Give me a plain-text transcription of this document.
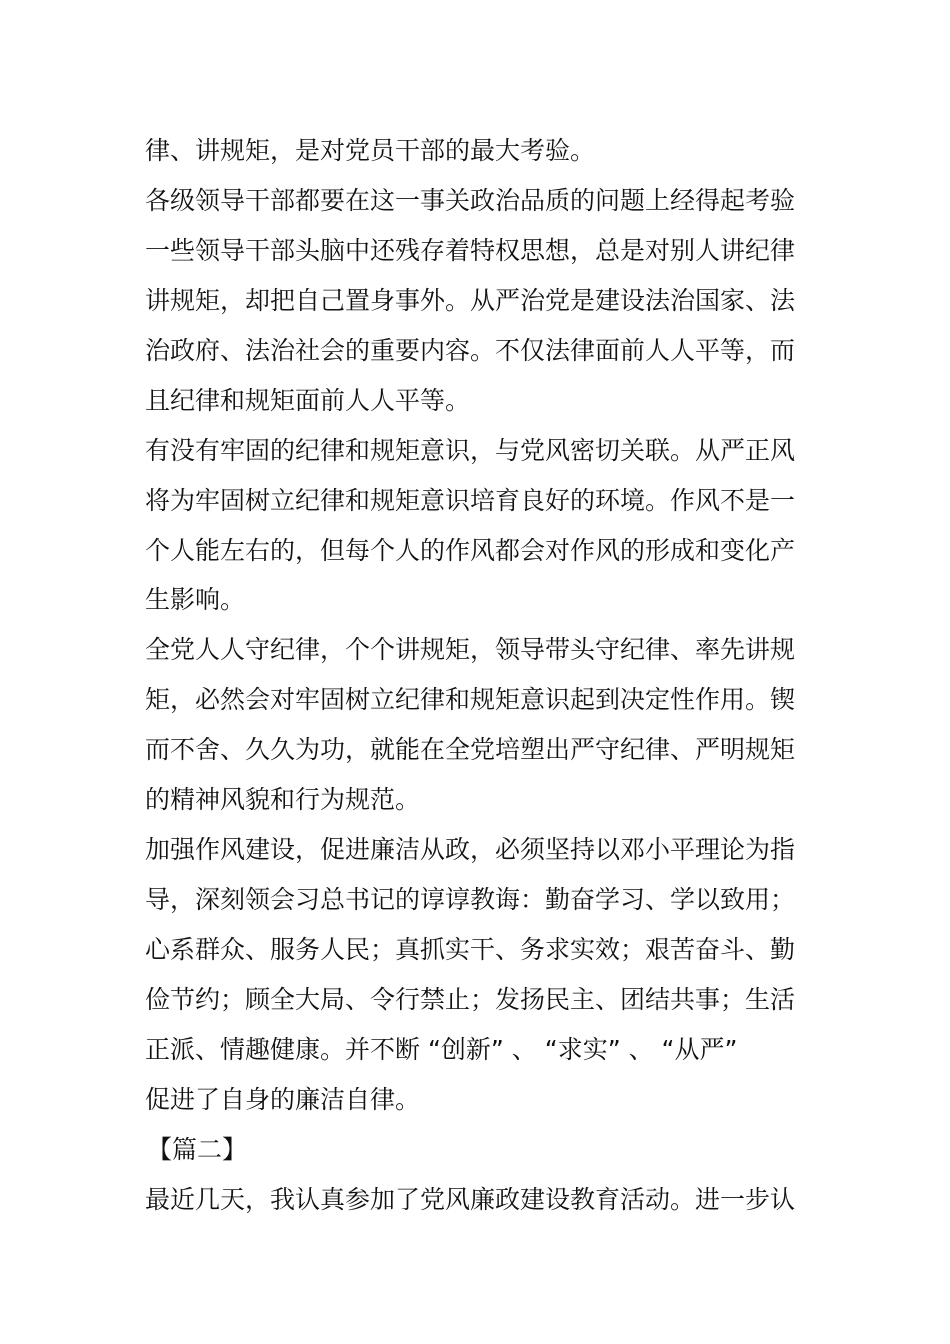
律、讲规矩，是对党员干部的最大考验。
各级领导干部都要在这一事关政治品质的问题上经得起考验
一些领导干部头脑中还残存着特权思想，总是对别人讲纪律
讲规矩，却把自己置身事外。从严治党是建设法治国家、法
治政府、法治社会的重要内容。不仅法律面前人人平等，而
且纪律和规矩面前人人平等。
有没有牢固的纪律和规矩意识，与党风密切关联。从严正风
将为牢固树立纪律和规矩意识培育良好的环境。作风不是一
个人能左右的，但每个人的作风都会对作风的形成和变化产
生影响。
全党人人守纪律，个个讲规矩，领导带头守纪律、率先讲规
矩，必然会对牢固树立纪律和规矩意识起到决定性作用。锲
而不舍、久久为功，就能在全党培塑出严守纪律、严明规矩
的精神风貌和行为规范。
加强作风建设，促进廉洁从政，必须坚持以邓小平理论为指
导，深刻领会习总书记的谆谆教诲：勤奋学习、学以致用；
心系群众、服务人民；真抓实干、务求实效；艰苦奋斗、勤
俭节约；顾全大局、令行禁止；发扬民主、团结共事；生活
正派、情趣健康。并不断 “创新” 、 “求实” 、 “从严”
促进了自身的廉洁自律。
【篇二】
最近几天，我认真参加了党风廉政建设教育活动。进一步认
